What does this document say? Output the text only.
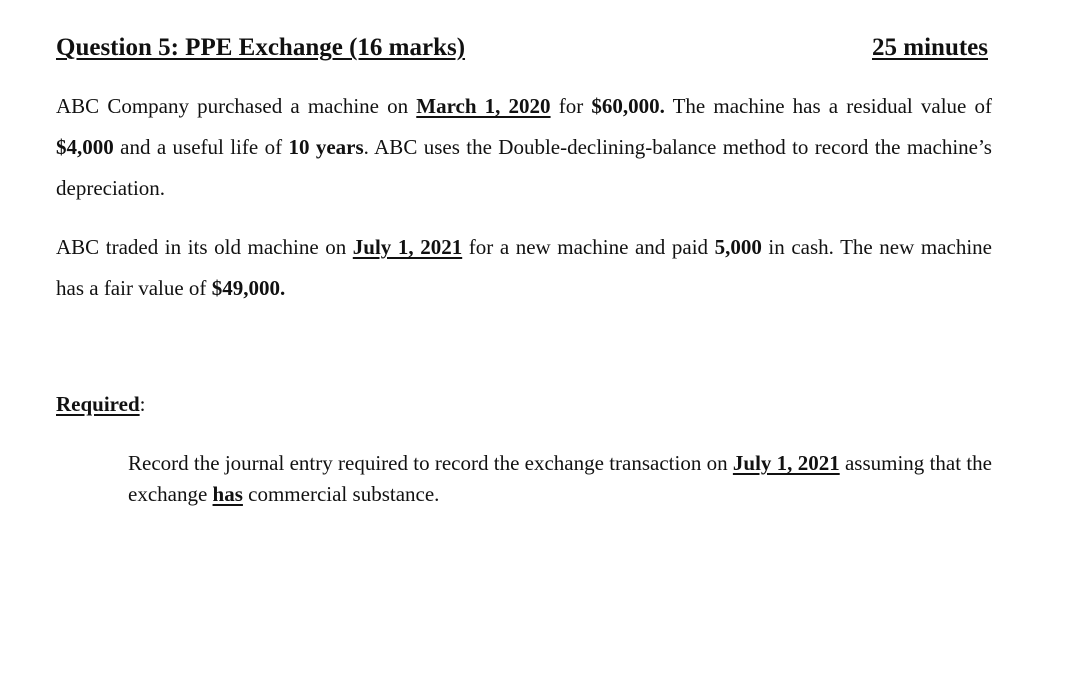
Question 5: PPE Exchange (16 marks)	25 minutes

ABC Company purchased a machine on March 1, 2020 for $60,000. The machine has a residual value of $4,000 and a useful life of 10 years. ABC uses the Double-declining-balance method to record the machine’s depreciation.

ABC traded in its old machine on July 1, 2021 for a new machine and paid 5,000 in cash. The new machine has a fair value of $49,000.

Required:

Record the journal entry required to record the exchange transaction on July 1, 2021 assuming that the exchange has commercial substance.
